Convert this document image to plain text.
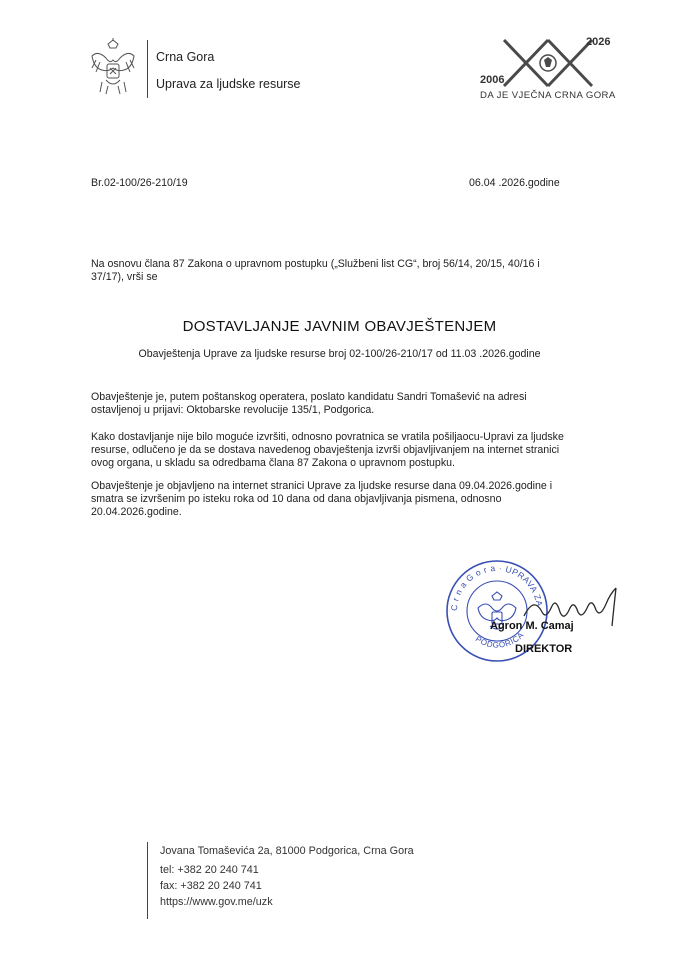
Crna Gora
Uprava za ljudske resurse
2026
2006
DA JE VJEČNA CRNA GORA
Br.02-100/26-210/19	06.04 .2026.godine
Na osnovu člana 87 Zakona o upravnom postupku („Službeni list CG“, broj 56/14, 20/15, 40/16 i
37/17), vrši se
DOSTAVLJANJE JAVNIM OBAVJEŠTENJEM
Obavještenja Uprave za ljudske resurse broj 02-100/26-210/17 od 11.03 .2026.godine
Obavještenje je, putem poštanskog operatera, poslato kandidatu Sandri Tomašević na adresi
ostavljenoj u prijavi: Oktobarske revolucije 135/1, Podgorica.
Kako dostavljanje nije bilo moguće izvršiti, odnosno povratnica se vratila pošiljaocu-Upravi za ljudske
resurse, odlučeno je da se dostava navedenog obavještenja izvrši objavljivanjem na internet stranici
ovog organa, u skladu sa odredbama člana 87 Zakona o upravnom postupku.
Obavještenje je objavljeno na internet stranici Uprave za ljudske resurse dana 09.04.2026.godine i
smatra se izvršenim po isteku roka od 10 dana od dana objavljivanja pismena, odnosno
20.04.2026.godine.
C r n a G o r a · UPRAVA ZA
PODGORICA
Agron M. Camaj
DIREKTOR
Jovana Tomaševića 2a, 81000 Podgorica, Crna Gora
tel: +382 20 240 741
fax: +382 20 240 741
https://www.gov.me/uzk
